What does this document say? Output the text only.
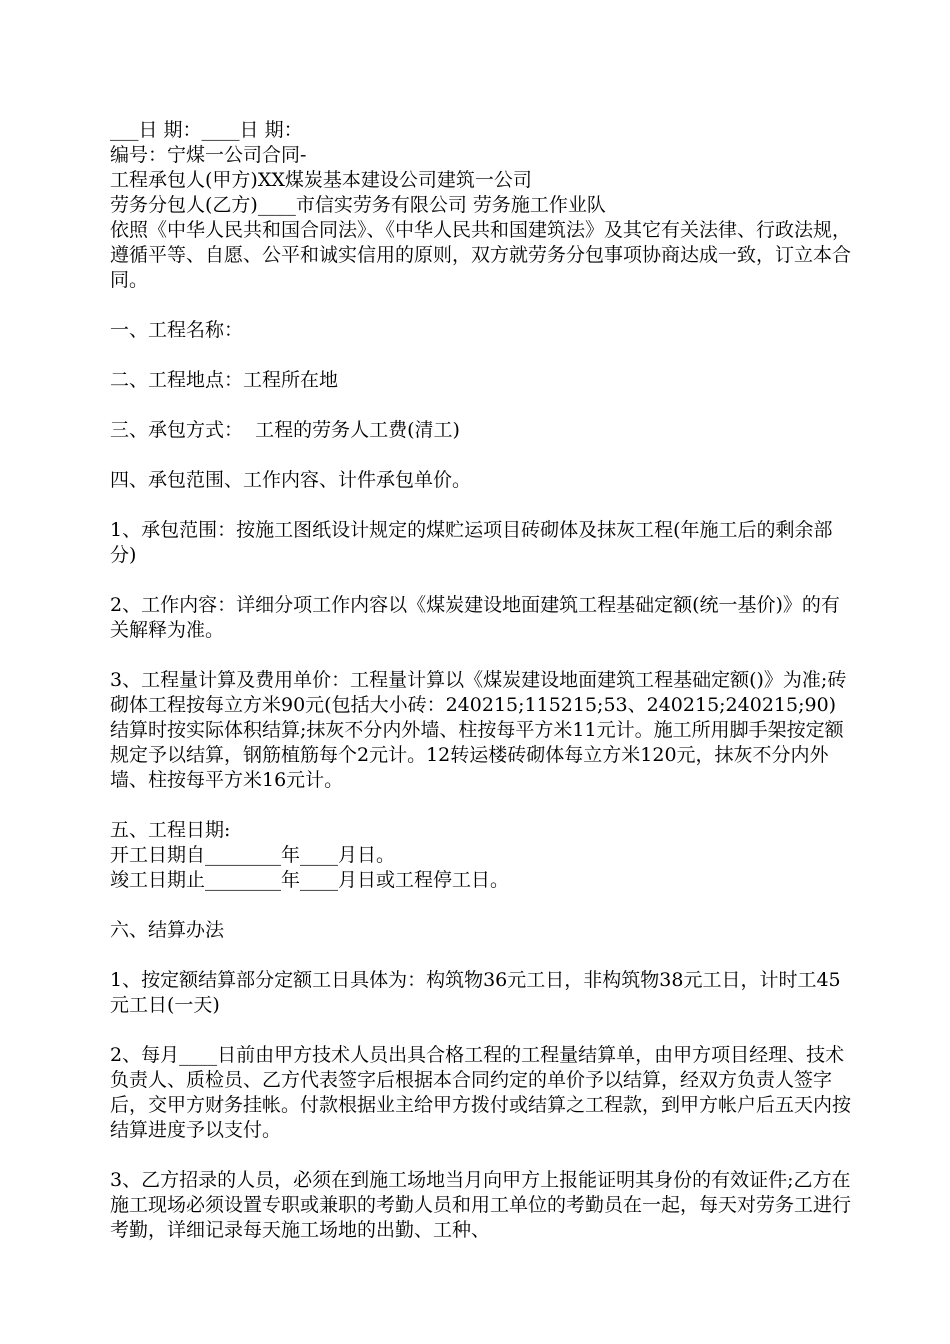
___日 期：____日 期：

编号：宁煤一公司合同-

工程承包人(甲方)XX煤炭基本建设公司建筑一公司

劳务分包人(乙方)____市信实劳务有限公司 劳务施工作业队

依照《中华人民共和国合同法》、《中华人民共和国建筑法》及其它有关法律、行政法规，遵循平等、自愿、公平和诚实信用的原则，双方就劳务分包事项协商达成一致，订立本合同。

一、工程名称：

二、工程地点：工程所在地

三、承包方式：  工程的劳务人工费(清工)

四、承包范围、工作内容、计件承包单价。

1、承包范围：按施工图纸设计规定的煤贮运项目砖砌体及抹灰工程(年施工后的剩余部分)

2、工作内容：详细分项工作内容以《煤炭建设地面建筑工程基础定额(统一基价)》的有关解释为准。

3、工程量计算及费用单价：工程量计算以《煤炭建设地面建筑工程基础定额()》为准;砖砌体工程按每立方米90元(包括大小砖：240215;115215;53、240215;240215;90)结算时按实际体积结算;抹灰不分内外墙、柱按每平方米11元计。施工所用脚手架按定额规定予以结算，钢筋植筋每个2元计。12转运楼砖砌体每立方米120元，抹灰不分内外墙、柱按每平方米16元计。

五、工程日期:

开工日期自________年____月日。

竣工日期止________年____月日或工程停工日。

六、结算办法

1、按定额结算部分定额工日具体为：构筑物36元工日，非构筑物38元工日，计时工45元工日(一天)

2、每月____日前由甲方技术人员出具合格工程的工程量结算单，由甲方项目经理、技术负责人、质检员、乙方代表签字后根据本合同约定的单价予以结算，经双方负责人签字后，交甲方财务挂帐。付款根据业主给甲方拨付或结算之工程款，到甲方帐户后五天内按结算进度予以支付。

3、乙方招录的人员，必须在到施工场地当月向甲方上报能证明其身份的有效证件;乙方在施工现场必须设置专职或兼职的考勤人员和用工单位的考勤员在一起，每天对劳务工进行考勤，详细记录每天施工场地的出勤、工种、
